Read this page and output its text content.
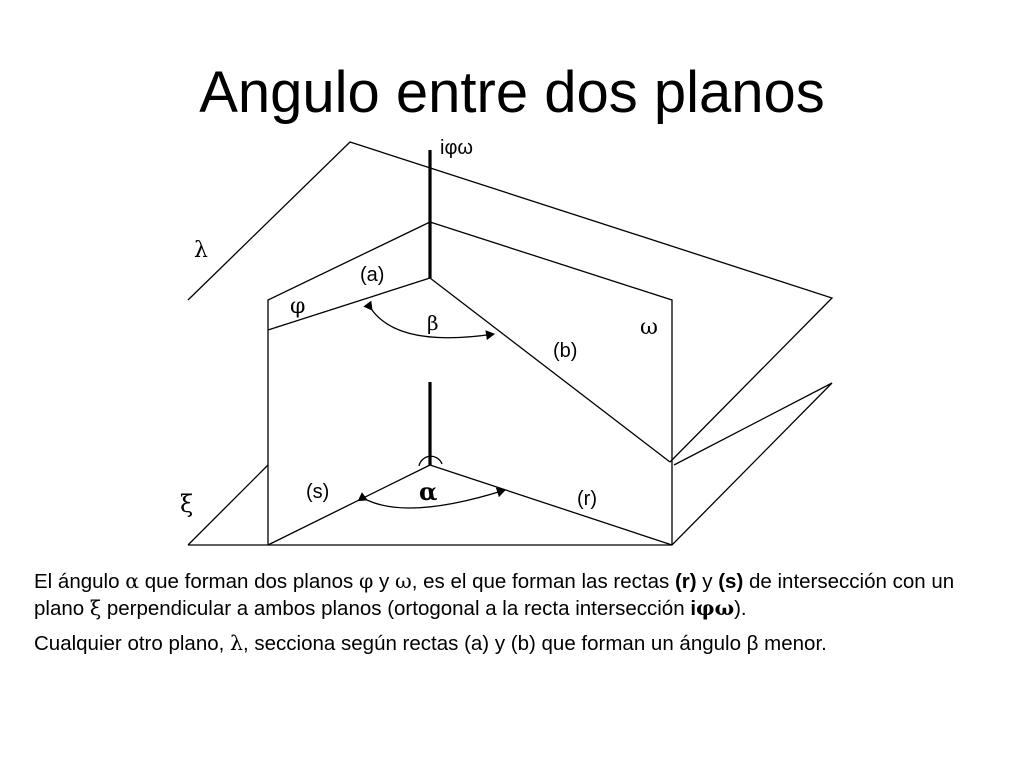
Angulo entre dos planos
iφω
λ
φ
ω
ξ
(a)
(b)
(s)	(r)
β
α

El ángulo α que forman dos planos φ y ω, es el que forman las rectas (r) y (s) de intersección con un plano ξ perpendicular a ambos planos (ortogonal a la recta intersección iφω).

Cualquier otro plano, λ, secciona según rectas (a) y (b) que forman un ángulo β menor.
